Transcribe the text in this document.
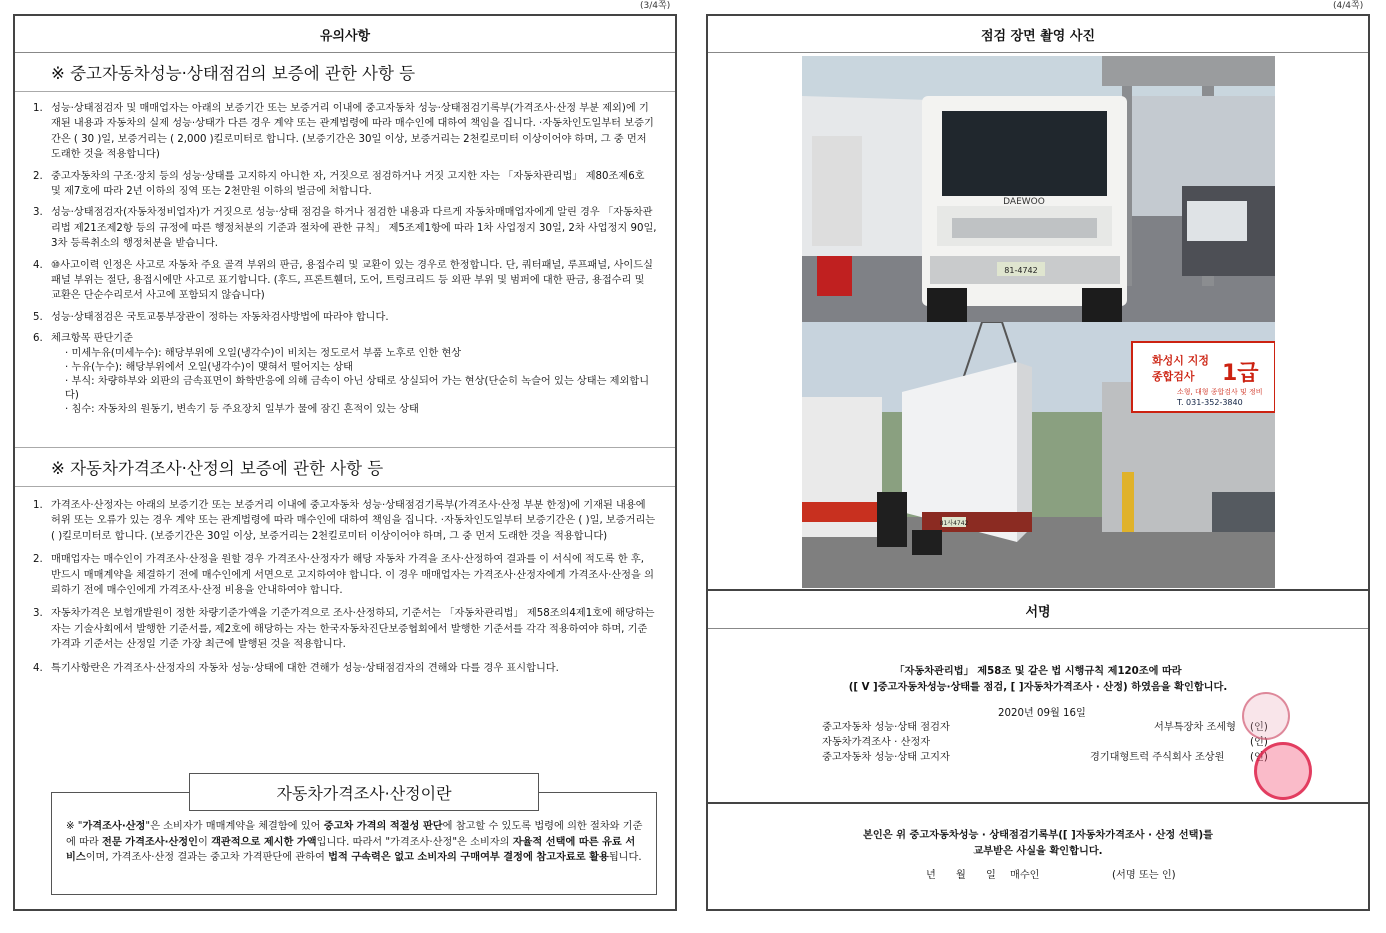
(3/4쪽)	(4/4쪽)
유의사항
※ 중고자동차성능·상태점검의 보증에 관한 사항 등
1. 성능·상태점검자 및 매매업자는 아래의 보증기간 또는 보증거리 이내에 중고자동차 성능·상태점검기록부(가격조사·산정 부분 제외)에 기재된 내용과 자동차의 실제 성능·상태가 다른 경우 계약 또는 관계법령에 따라 매수인에 대하여 책임을 집니다. ·자동차인도일부터 보증기간은 ( 30 )일, 보증거리는 ( 2,000 )킬로미터로 합니다. (보증기간은 30일 이상, 보증거리는 2천킬로미터 이상이어야 하며, 그 중 먼저 도래한 것을 적용합니다)
2. 중고자동차의 구조·장치 등의 성능·상태를 고지하지 아니한 자, 거짓으로 점검하거나 거짓 고지한 자는 「자동차관리법」 제80조제6호 및 제7호에 따라 2년 이하의 징역 또는 2천만원 이하의 벌금에 처합니다.
3. 성능·상태점검자(자동차정비업자)가 거짓으로 성능·상태 점검을 하거나 점검한 내용과 다르게 자동차매매업자에게 알린 경우 「자동차관리법 제21조제2항 등의 규정에 따른 행정처분의 기준과 절차에 관한 규칙」 제5조제1항에 따라 1차 사업정지 30일, 2차 사업정지 90일, 3차 등록취소의 행정처분을 받습니다.
4. ⑩사고이력 인정은 사고로 자동차 주요 골격 부위의 판금, 용접수리 및 교환이 있는 경우로 한정합니다. 단, 쿼터패널, 루프패널, 사이드실패널 부위는 절단, 용접시에만 사고로 표기합니다. (후드, 프론트휀더, 도어, 트렁크리드 등 외판 부위 및 범퍼에 대한 판금, 용접수리 및 교환은 단순수리로서 사고에 포함되지 않습니다)
5. 성능·상태점검은 국토교통부장관이 정하는 자동차검사방법에 따라야 합니다.
6. 체크항목 판단기준
· 미세누유(미세누수): 해당부위에 오일(냉각수)이 비치는 정도로서 부품 노후로 인한 현상
· 누유(누수): 해당부위에서 오일(냉각수)이 맺혀서 떨어지는 상태
· 부식: 차량하부와 외판의 금속표면이 화학반응에 의해 금속이 아닌 상태로 상실되어 가는 현상(단순히 녹슬어 있는 상태는 제외합니다)
· 침수: 자동차의 원동기, 변속기 등 주요장치 일부가 물에 잠긴 흔적이 있는 상태
※ 자동차가격조사·산정의 보증에 관한 사항 등
1. 가격조사·산정자는 아래의 보증기간 또는 보증거리 이내에 중고자동차 성능·상태점검기록부(가격조사·산정 부분 한정)에 기재된 내용에 허위 또는 오류가 있는 경우 계약 또는 관계법령에 따라 매수인에 대하여 책임을 집니다. ·자동차인도일부터 보증기간은 ( )일, 보증거리는 ( )킬로미터로 합니다. (보증기간은 30일 이상, 보증거리는 2천킬로미터 이상이어야 하며, 그 중 먼저 도래한 것을 적용합니다)
2. 매매업자는 매수인이 가격조사·산정을 원할 경우 가격조사·산정자가 해당 자동차 가격을 조사·산정하여 결과를 이 서식에 적도록 한 후, 반드시 매매계약을 체결하기 전에 매수인에게 서면으로 고지하여야 합니다. 이 경우 매매업자는 가격조사·산정자에게 가격조사·산정을 의뢰하기 전에 매수인에게 가격조사·산정 비용을 안내하여야 합니다.
3. 자동차가격은 보험개발원이 정한 차량기준가액을 기준가격으로 조사·산정하되, 기준서는 「자동차관리법」 제58조의4제1호에 해당하는 자는 기술사회에서 발행한 기준서를, 제2호에 해당하는 자는 한국자동차진단보증협회에서 발행한 기준서를 각각 적용하여야 하며, 기준가격과 기준서는 산정일 기준 가장 최근에 발행된 것을 적용합니다.
4. 특기사항란은 가격조사·산정자의 자동차 성능·상태에 대한 견해가 성능·상태점검자의 견해와 다를 경우 표시합니다.
※ "가격조사·산정"은 소비자가 매매계약을 체결함에 있어 중고차 가격의 적절성 판단에 참고할 수 있도록 법령에 의한 절차와 기준에 따라 전문 가격조사·산정인이 객관적으로 제시한 가액입니다. 따라서 "가격조사·산정"은 소비자의 자율적 선택에 따른 유료 서비스이며, 가격조사·산정 결과는 중고차 가격판단에 관하여 법적 구속력은 없고 소비자의 구매여부 결정에 참고자료로 활용됩니다.
자동차가격조사·산정이란
점검 장면 촬영 사진
81-4742
DAEWOO
화성시 지정
종합검사 1급
소형, 대형 종합검사 및 정비
T. 031-352-3840
81사4742
서명
「자동차관리법」 제58조 및 같은 법 시행규칙 제120조에 따라
([ V ]중고자동차성능·상태를 점검, [ ]자동차가격조사 · 산정) 하였음을 확인합니다.
2020년 09월 16일
중고자동차 성능·상태 점검자	서부특장차 조세형 (인)
자동차가격조사 · 산정자	(인)
중고자동차 성능·상태 고지자	경기대형트럭 주식회사 조상원	(인)
본인은 위 중고자동차성능 · 상태점검기록부([ ]자동차가격조사 · 산정 선택)를
교부받은 사실을 확인합니다.
년 월 일 매수인	(서명 또는 인)
